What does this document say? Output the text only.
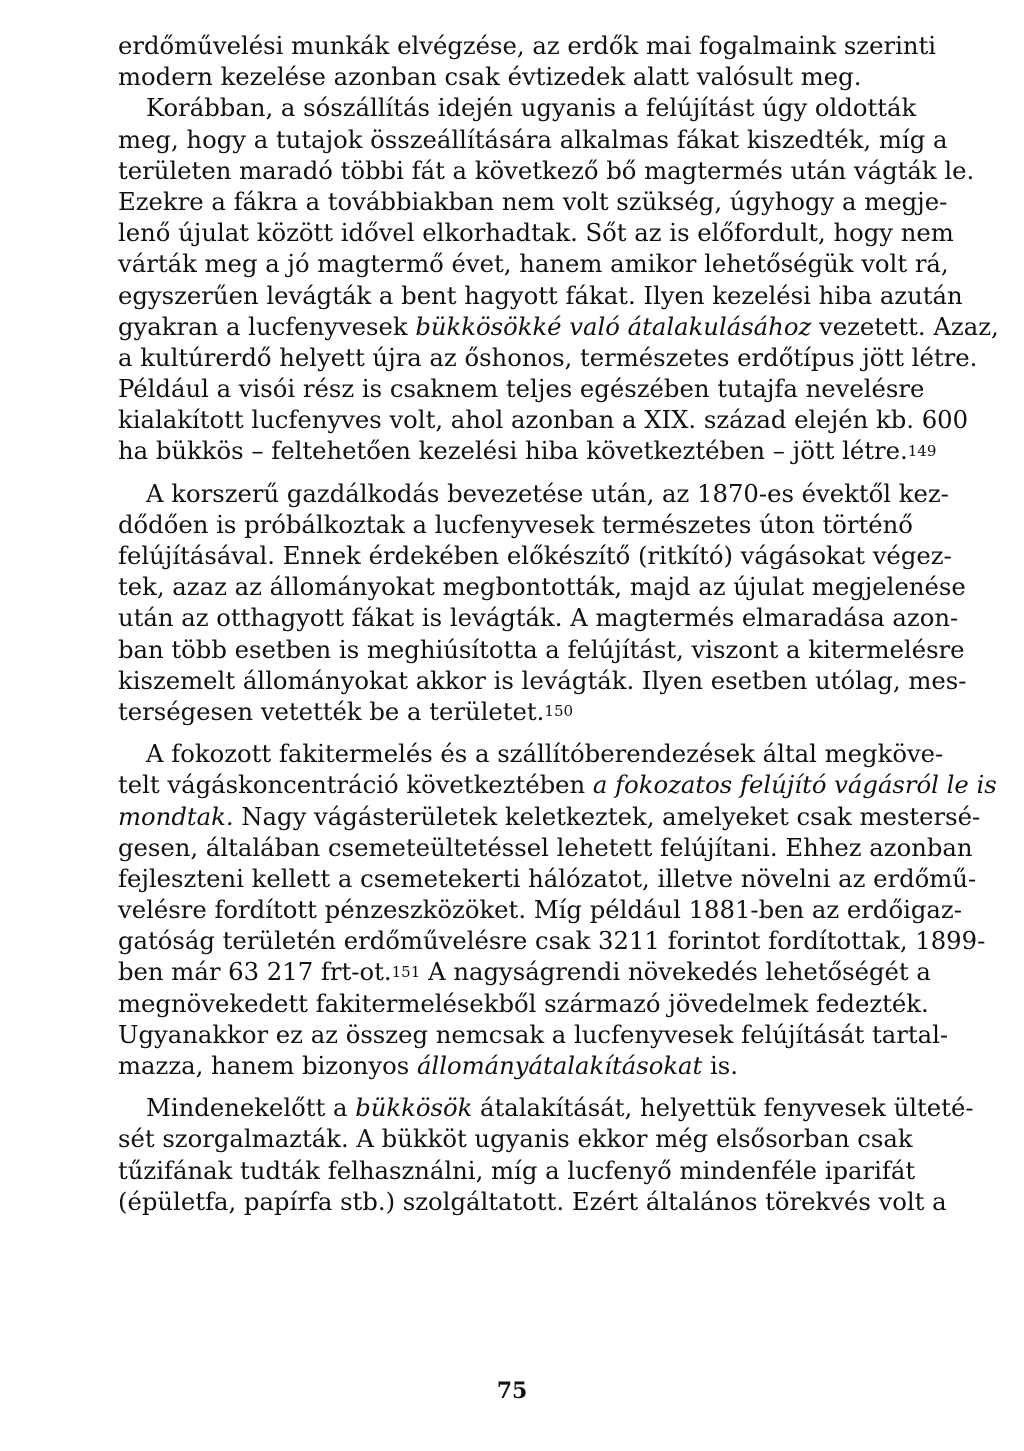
erdőművelési munkák elvégzése, az erdők mai fogalmaink szerinti
modern kezelése azonban csak évtizedek alatt valósult meg.
Korábban, a sószállítás idején ugyanis a felújítást úgy oldották
meg, hogy a tutajok összeállítására alkalmas fákat kiszedték, míg a
területen maradó többi fát a következő bő magtermés után vágták le.
Ezekre a fákra a továbbiakban nem volt szükség, úgyhogy a megje-
lenő újulat között idővel elkorhadtak. Sőt az is előfordult, hogy nem
várták meg a jó magtermő évet, hanem amikor lehetőségük volt rá,
egyszerűen levágták a bent hagyott fákat. Ilyen kezelési hiba azután
gyakran a lucfenyvesek bükkösökké való átalakulásához vezetett. Azaz,
a kultúrerdő helyett újra az őshonos, természetes erdőtípus jött létre.
Például a visói rész is csaknem teljes egészében tutajfa nevelésre
kialakított lucfenyves volt, ahol azonban a XIX. század elején kb. 600
ha bükkös – feltehetően kezelési hiba következtében – jött létre.$^{149}$
A korszerű gazdálkodás bevezetése után, az 1870-es évektől kez-
dődően is próbálkoztak a lucfenyvesek természetes úton történő
felújításával. Ennek érdekében előkészítő (ritkító) vágásokat végez-
tek, azaz az állományokat megbontották, majd az újulat megjelenése
után az otthagyott fákat is levágták. A magtermés elmaradása azon-
ban több esetben is meghiúsította a felújítást, viszont a kitermelésre
kiszemelt állományokat akkor is levágták. Ilyen esetben utólag, mes-
terségesen vetették be a területet.$^{150}$
A fokozott fakitermelés és a szállítóberendezések által megköve-
telt vágáskoncentráció következtében a fokozatos felújító vágásról le is
mondtak. Nagy vágásterületek keletkeztek, amelyeket csak mestersé-
gesen, általában csemeteültetéssel lehetett felújítani. Ehhez azonban
fejleszteni kellett a csemetekerti hálózatot, illetve növelni az erdőmű-
velésre fordított pénzeszközöket. Míg például 1881-ben az erdőigaz-
gatóság területén erdőművelésre csak 3211 forintot fordítottak, 1899-
ben már 63 217 frt-ot.$^{151}$ A nagyságrendi növekedés lehetőségét a
megnövekedett fakitermelésekből származó jövedelmek fedezték.
Ugyanakkor ez az összeg nemcsak a lucfenyvesek felújítását tartal-
mazza, hanem bizonyos állományátalakításokat is.
Mindenekelőtt a bükkösök átalakítását, helyettük fenyvesek ülteté-
sét szorgalmazták. A bükköt ugyanis ekkor még elsősorban csak
tűzifának tudták felhasználni, míg a lucfenyő mindenféle iparifát
(épületfa, papírfa stb.) szolgáltatott. Ezért általános törekvés volt a
75
